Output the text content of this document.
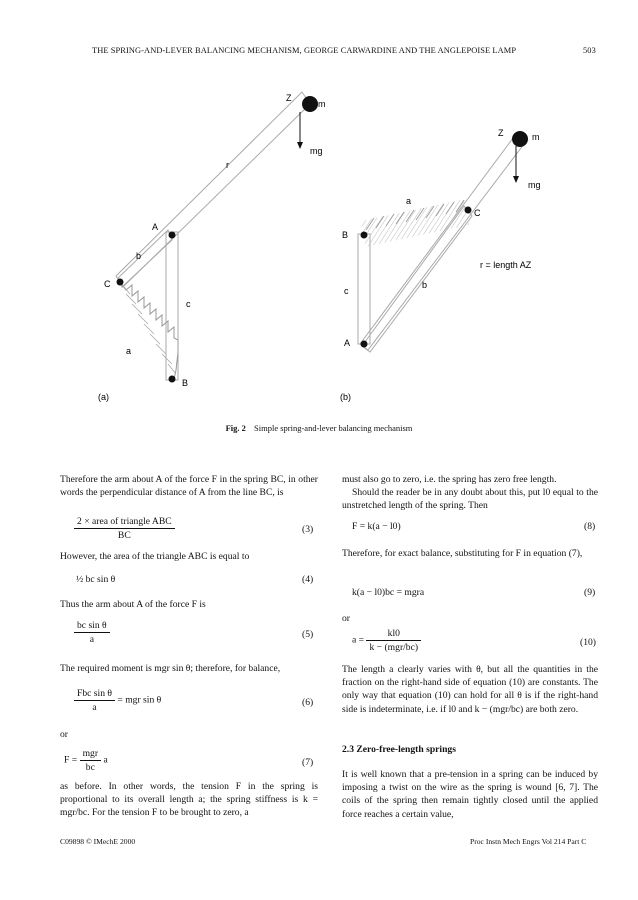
THE SPRING-AND-LEVER BALANCING MECHANISM, GEORGE CARWARDINE AND THE ANGLEPOISE LAMP	503
Z
m
mg
r
A
b
C
c
a
B
(a)
Z	m
mg
a
B
C
c
b
A
r = length AZ
(b)
Fig. 2 Simple spring-and-lever balancing mechanism

Therefore the arm about A of the force F in the spring BC, in other words the perpendicular distance of A from the line BC, is

$\frac{\text{2 × area of triangle ABC}}{BC}$	(3)

However, the area of the triangle ABC is equal to

½ bc sin θ	(4)

Thus the arm about A of the force F is

$\frac{\text{bc sin θ}}{a}$	(5)

The required moment is mgr sin θ; therefore, for balance,

$\frac{\text{Fbc sin θ}}{a}$ = mgr sin θ	(6)

or

$F = \frac{\text{mgr}}{bc}$ a	(7)

as before. In other words, the tension F in the spring is proportional to its overall length a; the spring stiffness is k = mgr/bc. For the tension F to be brought to zero, a

must also go to zero, i.e. the spring has zero free length.

Should the reader be in any doubt about this, put l0 equal to the unstretched length of the spring. Then

F = k(a − l0)	(8)

Therefore, for exact balance, substituting for F in equation (7),

k(a − l0)bc = mgra	(9)

or

$a = \frac{kl0}{\text{k − (mgr/bc)}}$	(10)

The length a clearly varies with θ, but all the quantities in the fraction on the right-hand side of equation (10) are constants. The only way that equation (10) can hold for all θ is if the right-hand side is indeterminate, i.e. if l0 and k − (mgr/bc) are both zero.

2.3 Zero-free-length springs

It is well known that a pre-tension in a spring can be induced by imposing a twist on the wire as the spring is wound [6, 7]. The coils of the spring then remain tightly closed until the applied force reaches a certain value,

C09898 © IMechE 2000	Proc Instn Mech Engrs Vol 214 Part C
